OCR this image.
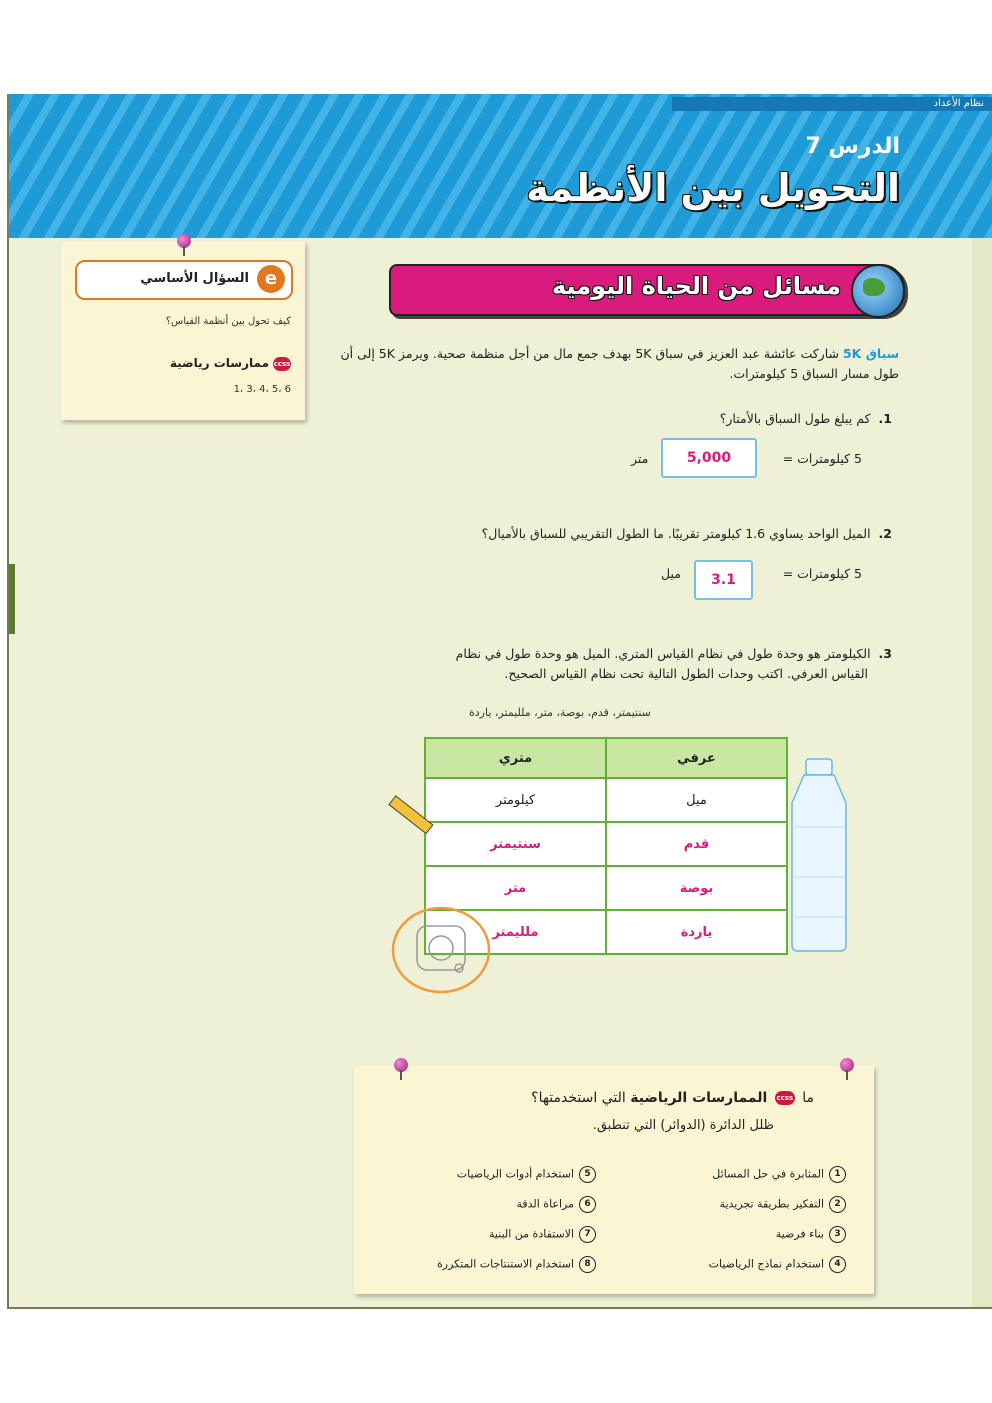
نظام الأعداد
الدرس 7
التحويل بين الأنظمة
e
السؤال الأساسي
كيف تحول بين أنظمة القياس؟
ccss
ممارسات رياضية
1، 3، 4، 5، 6
مسائل من الحياة اليومية
سباق 5K شاركت عائشة عبد العزيز في سباق 5K بهدف جمع مال من أجل منظمة صحية. ويرمز 5K إلى أن طول مسار السباق 5 كيلومترات.
1.كم يبلغ طول السباق بالأمتار؟
5 كيلومترات =
5,000
متر
2.الميل الواحد يساوي 1.6 كيلومتر تقريبًا. ما الطول التقريبي للسباق بالأميال؟
5 كيلومترات =
3.1
ميل
3.الكيلومتر هو وحدة طول في نظام القياس المتري. الميل هو وحدة طول في نظام
القياس العرفي. اكتب وحدات الطول التالية تحت نظام القياس الصحيح.
سنتيمتر، قدم، بوصة، متر، ملليمتر، ياردة
عرفي	متري
ميل	كيلومتر
قدم	سنتيمتر
بوصة	متر
ياردة	ملليمتر
ما ccss الممارسات الرياضية التي استخدمتها؟
ظلل الدائرة (الدوائر) التي تنطبق.
1المثابرة في حل المسائل
2التفكير بطريقة تجريدية
3بناء فرضية
4استخدام نماذج الرياضيات
5استخدام أدوات الرياضيات
6مراعاة الدقة
7الاستفادة من البنية
8استخدام الاستنتاجات المتكررة
